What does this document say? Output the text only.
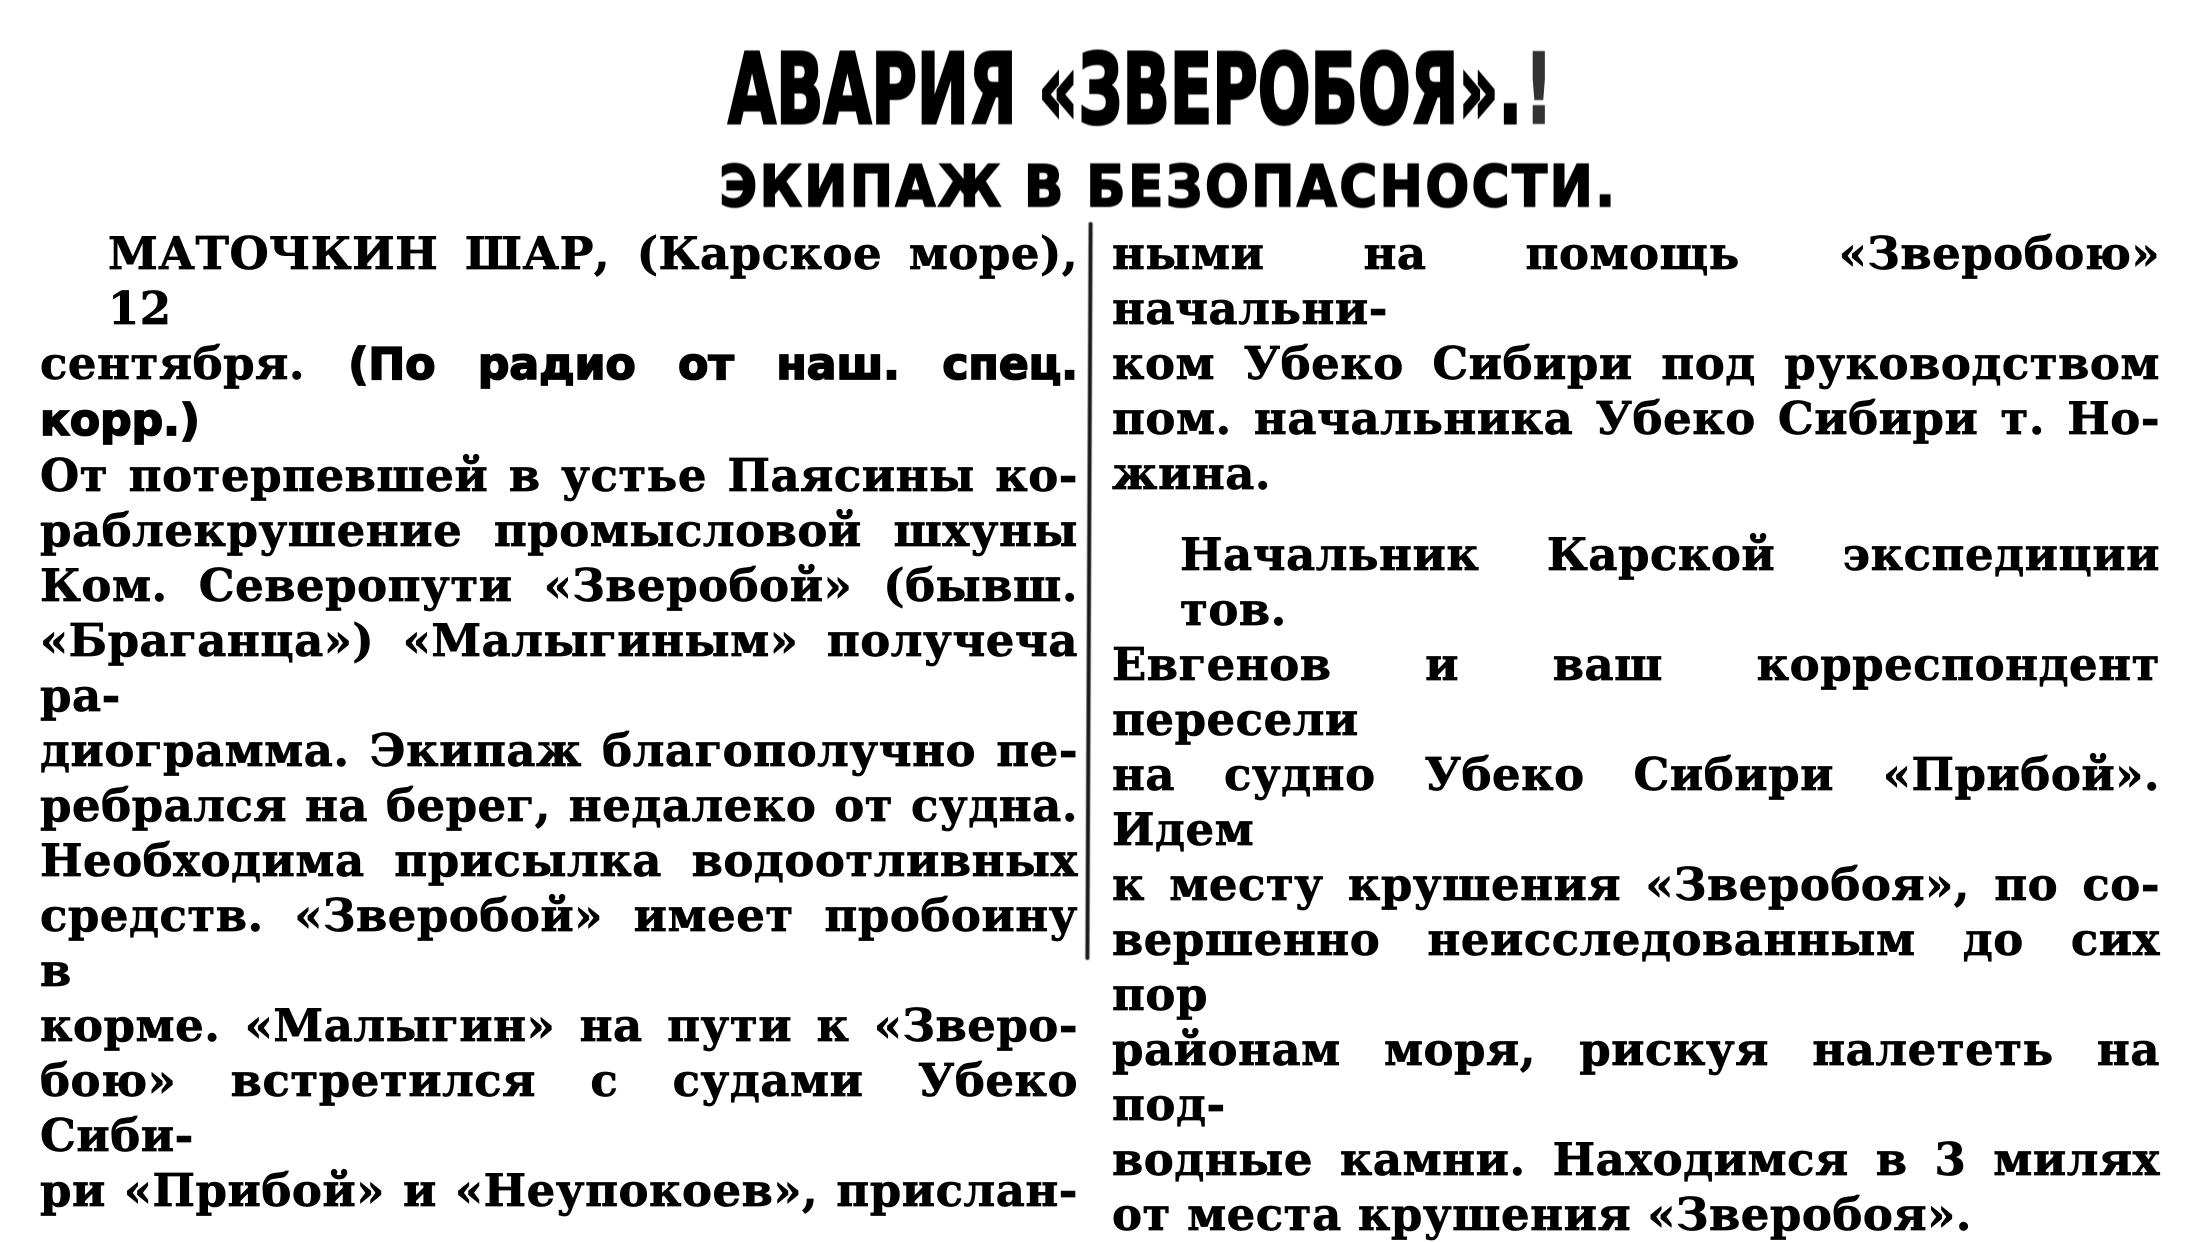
АВАРИЯ «ЗВЕРОБОЯ».!
ЭКИПАЖ В БЕЗОПАСНОСТИ.
МАТОЧКИН ШАР, (Карское море), 12
сентября. (По радио от наш. спец. корр.)
От потерпевшей в устье Паясины ко-
раблекрушение промысловой шхуны
Ком. Северопути «Зверобой» (бывш.
«Браганца») «Малыгиным» получеча ра-
диограмма. Экипаж благополучно пе-
ребрался на берег, недалеко от судна.
Необходима присылка водоотливных
средств. «Зверобой» имеет пробоину в
корме. «Малыгин» на пути к «Зверо-
бою» встретился с судами Убеко Сиби-
ри «Прибой» и «Неупокоев», прислан-
ными на помощь «Зверобою» начальни-
ком Убеко Сибири под руководством
пом. начальника Убеко Сибири т. Но-
жина.
Начальник Карской экспедиции тов.
Евгенов и ваш корреспондент пересели
на судно Убеко Сибири «Прибой». Идем
к месту крушения «Зверобоя», по со-
вершенно неисследованным до сих пор
районам моря, рискуя налететь на под-
водные камни. Находимся в 3 милях
от места крушения «Зверобоя».
